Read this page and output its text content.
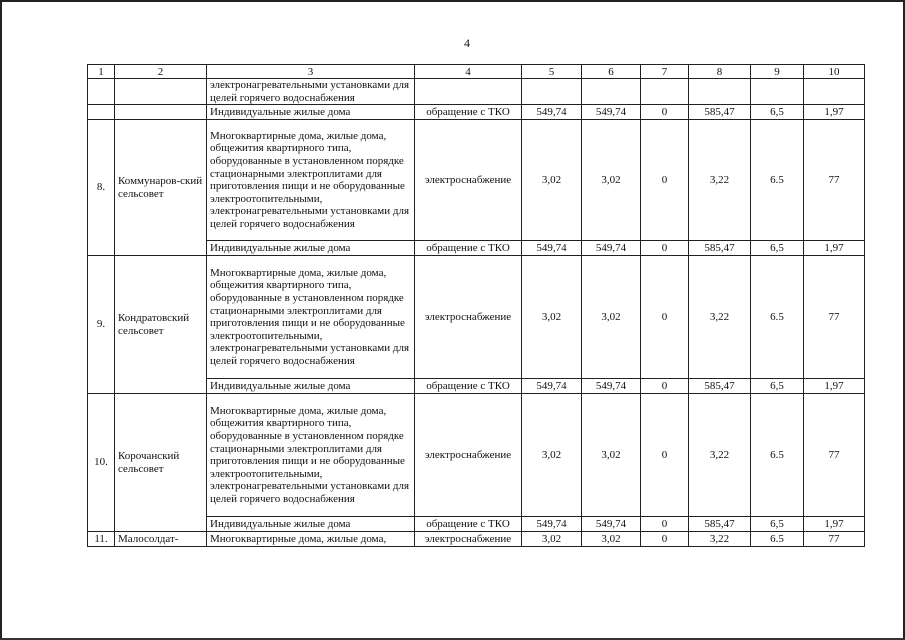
4
1	2	3	4	5	6	7	8	9	10
		электронагревательными установками для целей горячего водоснабжения							
		Индивидуальные жилые дома	обращение с ТКО	549,74	549,74	0	585,47	6,5	1,97
8.	Коммунаров-ский сельсовет	Многоквартирные дома, жилые дома, общежития квартирного типа, оборудованные в установленном порядке стационарными электроплитами для приготовления пищи и не оборудованные электроотопительными, электронагревательными установками для целей горячего водоснабжения	электроснабжение	3,02	3,02	0	3,22	6.5	77
		Индивидуальные жилые дома	обращение с ТКО	549,74	549,74	0	585,47	6,5	1,97
9.	Кондратовский сельсовет	Многоквартирные дома, жилые дома, общежития квартирного типа, оборудованные в установленном порядке стационарными электроплитами для приготовления пищи и не оборудованные электроотопительными, электронагревательными установками для целей горячего водоснабжения	электроснабжение	3,02	3,02	0	3,22	6.5	77
		Индивидуальные жилые дома	обращение с ТКО	549,74	549,74	0	585,47	6,5	1,97
10.	Корочанский сельсовет	Многоквартирные дома, жилые дома, общежития квартирного типа, оборудованные в установленном порядке стационарными электроплитами для приготовления пищи и не оборудованные электроотопительными, электронагревательными установками для целей горячего водоснабжения	электроснабжение	3,02	3,02	0	3,22	6.5	77
		Индивидуальные жилые дома	обращение с ТКО	549,74	549,74	0	585,47	6,5	1,97
11.	Малосолдат-	Многоквартирные дома, жилые дома,	электроснабжение	3,02	3,02	0	3,22	6.5	77
